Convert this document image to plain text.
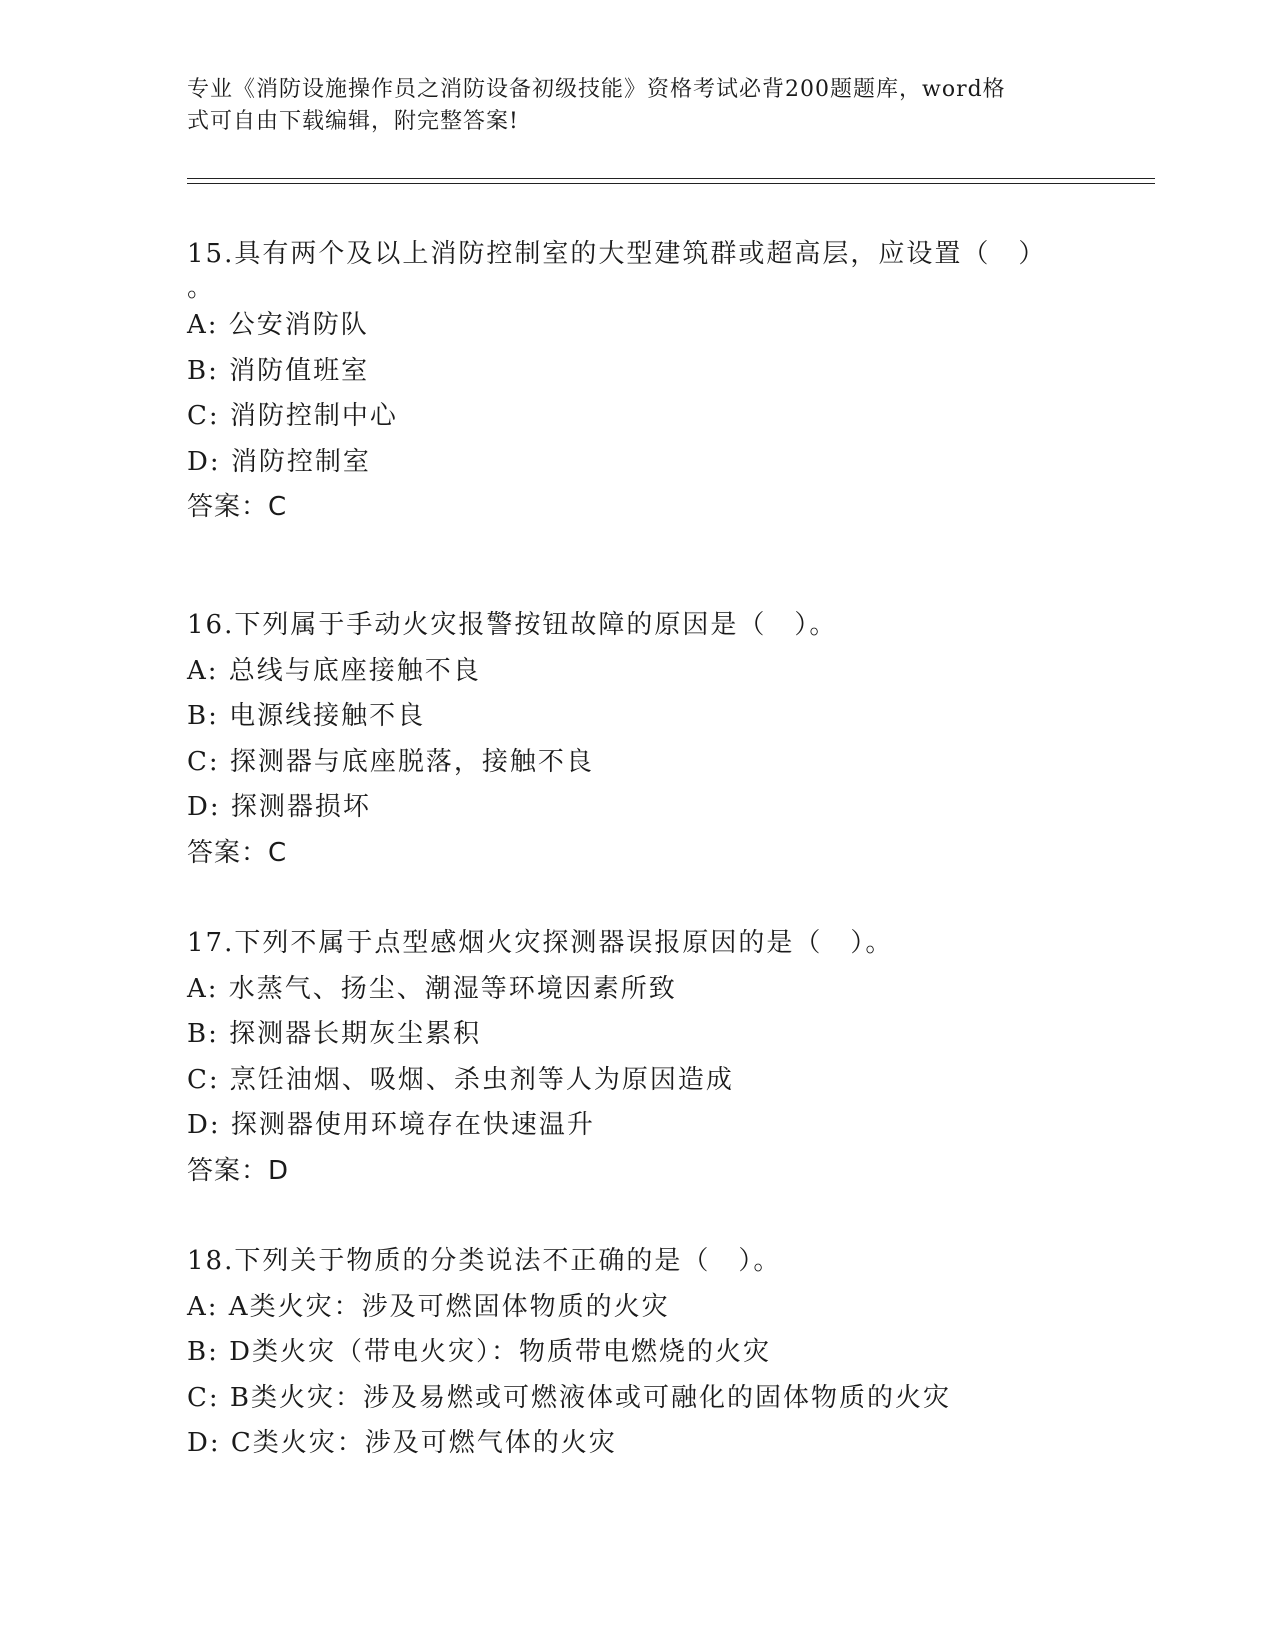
专业《消防设施操作员之消防设备初级技能》资格考试必背200题题库，word格
式可自由下载编辑，附完整答案!
15.具有两个及以上消防控制室的大型建筑群或超高层，应设置（　）
。
A: 公安消防队
B: 消防值班室
C: 消防控制中心
D: 消防控制室
答案：C
16.下列属于手动火灾报警按钮故障的原因是（　）。
A: 总线与底座接触不良
B: 电源线接触不良
C: 探测器与底座脱落，接触不良
D: 探测器损坏
答案：C
17.下列不属于点型感烟火灾探测器误报原因的是（　）。
A: 水蒸气、扬尘、潮湿等环境因素所致
B: 探测器长期灰尘累积
C: 烹饪油烟、吸烟、杀虫剂等人为原因造成
D: 探测器使用环境存在快速温升
答案：D
18.下列关于物质的分类说法不正确的是（　）。
A: A类火灾：涉及可燃固体物质的火灾
B: D类火灾（带电火灾）：物质带电燃烧的火灾
C: B类火灾：涉及易燃或可燃液体或可融化的固体物质的火灾
D: C类火灾：涉及可燃气体的火灾
